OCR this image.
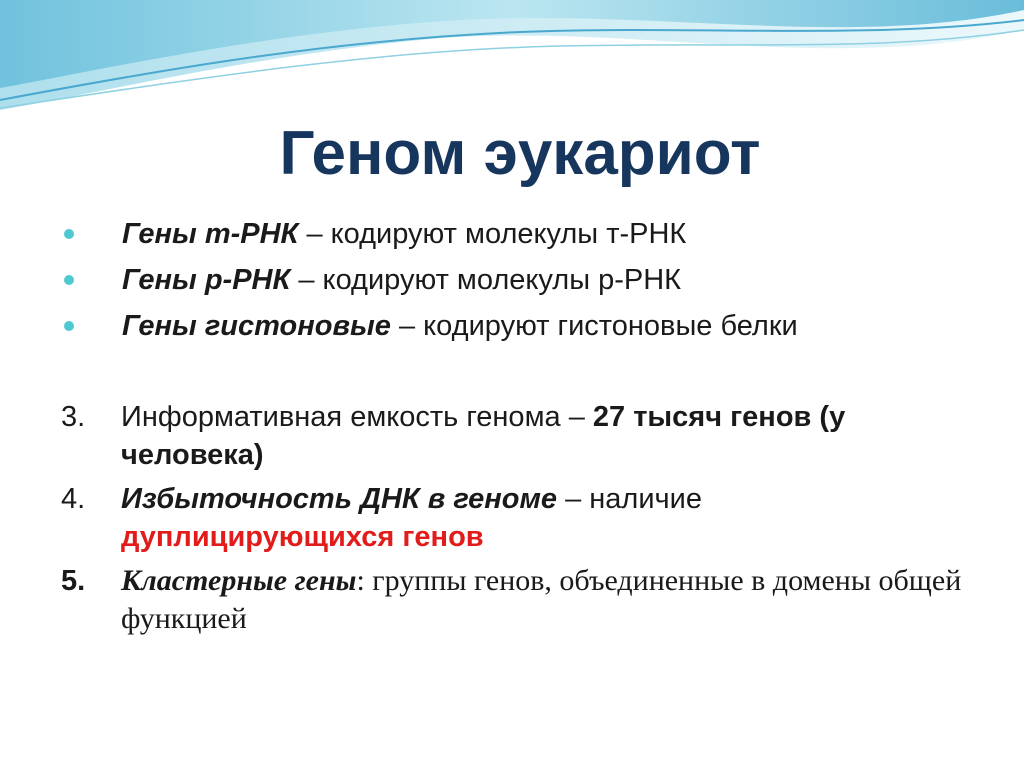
Геном эукариот
Гены т-РНК – кодируют молекулы т-РНК
Гены р-РНК – кодируют молекулы р-РНК
Гены гистоновые – кодируют гистоновые белки
3. Информативная емкость генома – 27 тысяч генов (у человека)
4. Избыточность ДНК в геноме – наличие дуплицирующихся генов
5. Кластерные гены: группы генов, объединенные в домены общей функцией
